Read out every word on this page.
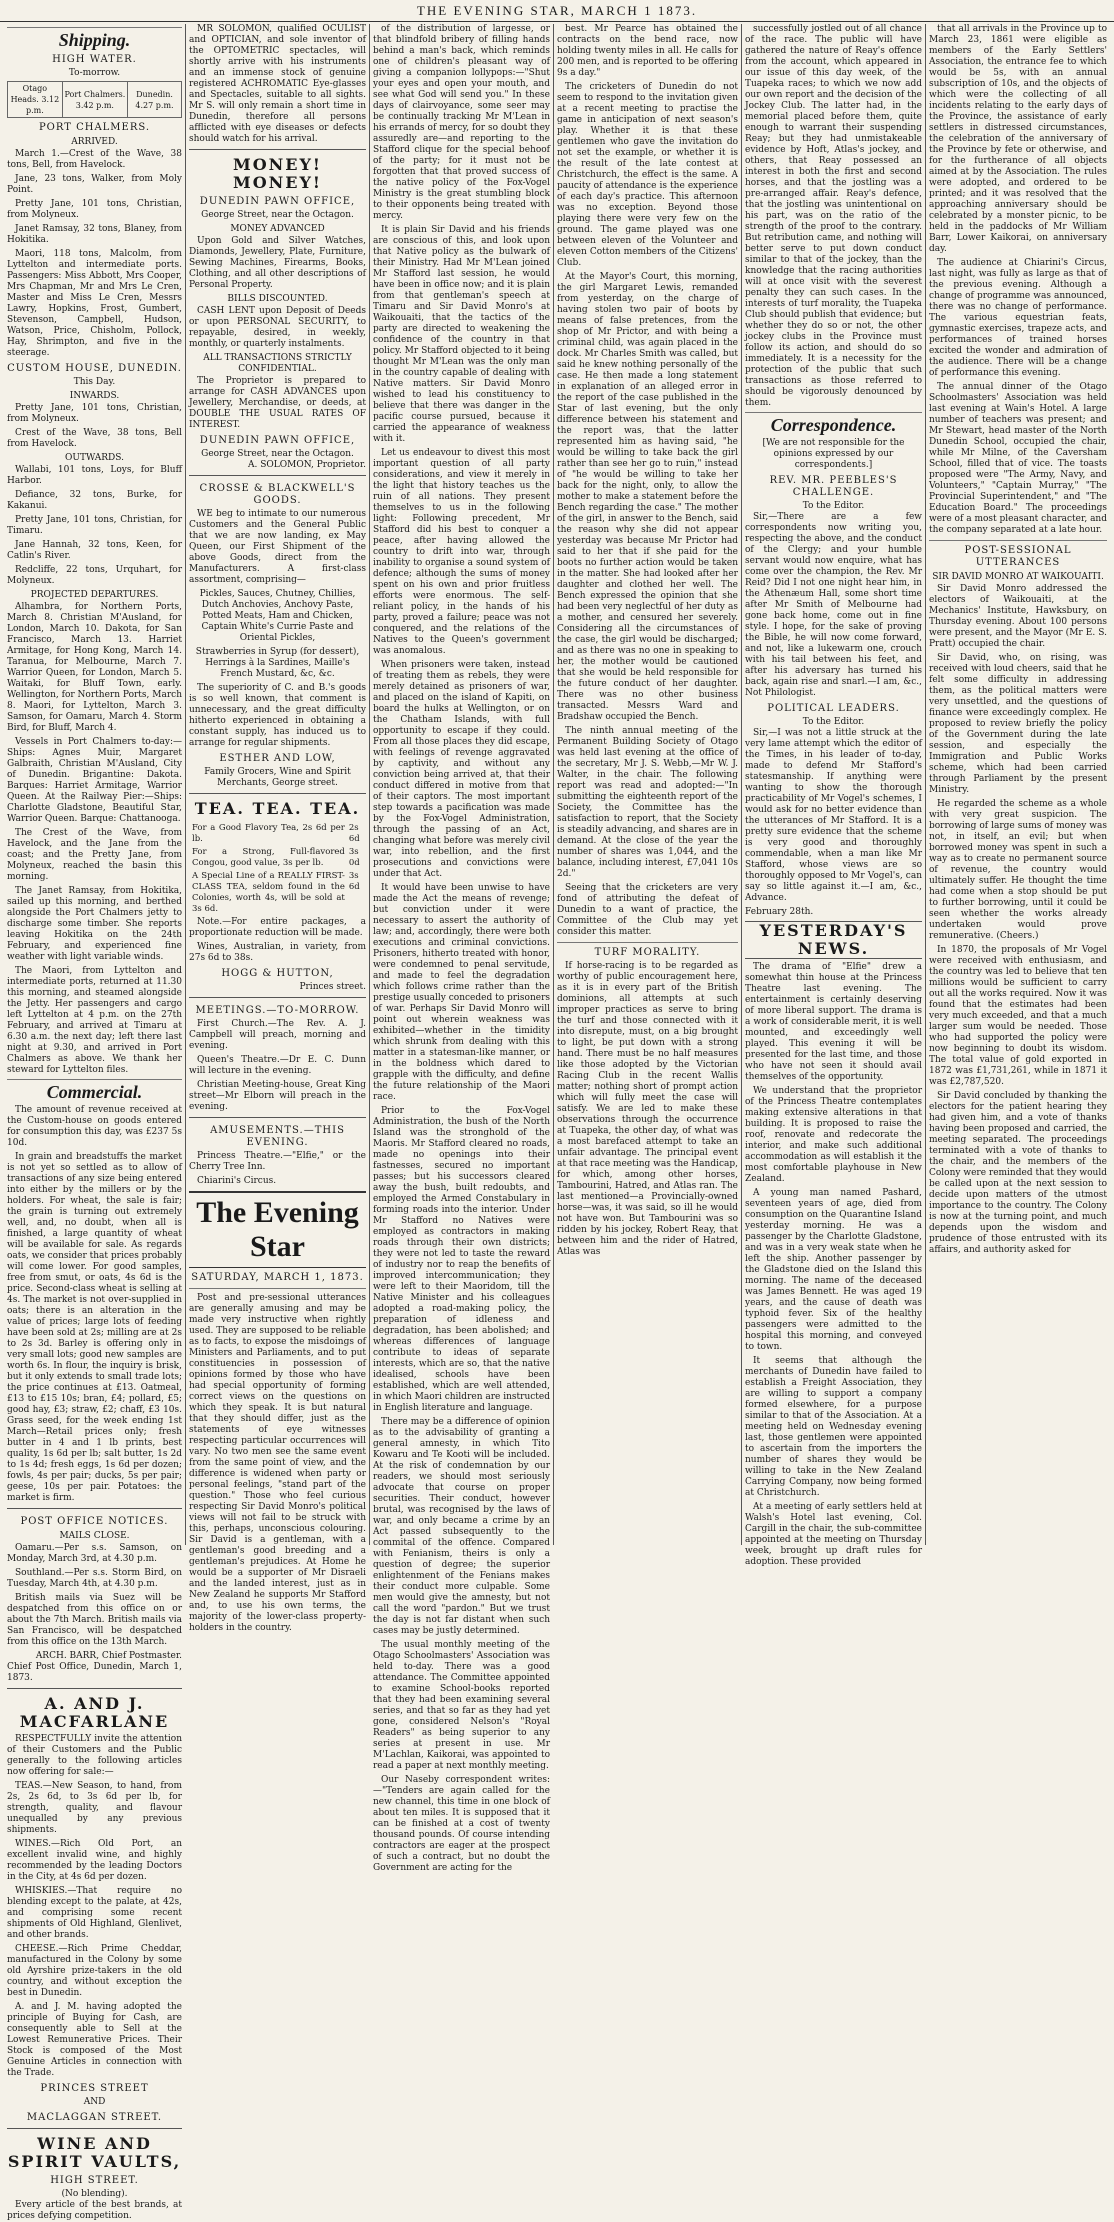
THE EVENING STAR, MARCH 1 1873.
Shipping.
HIGH WATER.
To-morrow.
Otago Heads. 3.12 p.m.	Port Chalmers. 3.42 p.m.	Dunedin. 4.27 p.m.
PORT CHALMERS.
ARRIVED.

March 1.—Crest of the Wave, 38 tons, Bell, from Havelock.

Jane, 23 tons, Walker, from Moly Point.

Pretty Jane, 101 tons, Christian, from Molyneux.

Janet Ramsay, 32 tons, Blaney, from Hokitika.

Maori, 118 tons, Malcolm, from Lyttelton and intermediate ports. Passengers: Miss Abbott, Mrs Cooper, Mrs Chapman, Mr and Mrs Le Cren, Master and Miss Le Cren, Messrs Lawry, Hopkins, Frost, Gumbert, Stevenson, Campbell, Hudson, Watson, Price, Chisholm, Pollock, Hay, Shrimpton, and five in the steerage.

CUSTOM HOUSE, DUNEDIN.
This Day.
INWARDS.

Pretty Jane, 101 tons, Christian, from Molyneux.

Crest of the Wave, 38 tons, Bell from Havelock.

OUTWARDS.

Wallabi, 101 tons, Loys, for Bluff Harbor.

Defiance, 32 tons, Burke, for Kakanui.

Pretty Jane, 101 tons, Christian, for Timaru.

Jane Hannah, 32 tons, Keen, for Catlin's River.

Redcliffe, 22 tons, Urquhart, for Molyneux.

PROJECTED DEPARTURES.

Alhambra, for Northern Ports, March 8. Christian M'Ausland, for London, March 10. Dakota, for San Francisco, March 13. Harriet Armitage, for Hong Kong, March 14. Taranua, for Melbourne, March 7. Warrior Queen, for London, March 5. Waitaki, for Bluff Town, early. Wellington, for Northern Ports, March 8. Maori, for Lyttelton, March 3. Samson, for Oamaru, March 4. Storm Bird, for Bluff, March 4.

Vessels in Port Chalmers to-day:—Ships: Agnes Muir, Margaret Galbraith, Christian M'Ausland, City of Dunedin. Brigantine: Dakota. Barques: Harriet Armitage, Warrior Queen. At the Railway Pier:—Ships: Charlotte Gladstone, Beautiful Star, Warrior Queen. Barque: Chattanooga.

The Crest of the Wave, from Havelock, and the Jane from the coast; and the Pretty Jane, from Molyneux, reached the basin this morning.

The Janet Ramsay, from Hokitika, sailed up this morning, and berthed alongside the Port Chalmers jetty to discharge some timber. She reports leaving Hokitika on the 24th February, and experienced fine weather with light variable winds.

The Maori, from Lyttelton and intermediate ports, returned at 11.30 this morning, and steamed alongside the Jetty. Her passengers and cargo left Lyttelton at 4 p.m. on the 27th February, and arrived at Timaru at 6.30 a.m. the next day; left there last night at 9.30, and arrived in Port Chalmers as above. We thank her steward for Lyttelton files.

Commercial.

The amount of revenue received at the Custom-house on goods entered for consumption this day, was £237 5s 10d.

In grain and breadstuffs the market is not yet so settled as to allow of transactions of any size being entered into either by the millers or by the holders. For wheat, the sale is fair; the grain is turning out extremely well, and, no doubt, when all is finished, a large quantity of wheat will be available for sale. As regards oats, we consider that prices probably will come lower. For good samples, free from smut, or oats, 4s 6d is the price. Second-class wheat is selling at 4s. The market is not over-supplied in oats; there is an alteration in the value of prices; large lots of feeding have been sold at 2s; milling are at 2s to 2s 3d. Barley is offering only in very small lots; good new samples are worth 6s. In flour, the inquiry is brisk, but it only extends to small trade lots; the price continues at £13. Oatmeal, £13 to £15 10s; bran, £4; pollard, £5; good hay, £3; straw, £2; chaff, £3 10s. Grass seed, for the week ending 1st March—Retail prices only; fresh butter in 4 and 1 lb prints, best quality, 1s 6d per lb; salt butter, 1s 2d to 1s 4d; fresh eggs, 1s 6d per dozen; fowls, 4s per pair; ducks, 5s per pair; geese, 10s per pair. Potatoes: the market is firm.

POST OFFICE NOTICES.
MAILS CLOSE.

Oamaru.—Per s.s. Samson, on Monday, March 3rd, at 4.30 p.m.

Southland.—Per s.s. Storm Bird, on Tuesday, March 4th, at 4.30 p.m.

British mails via Suez will be despatched from this office on or about the 7th March. British mails via San Francisco, will be despatched from this office on the 13th March.

ARCH. BARR, Chief Postmaster.
Chief Post Office, Dunedin, March 1, 1873.
A. AND J. MACFARLANE

RESPECTFULLY invite the attention of their Customers and the Public generally to the following articles now offering for sale:—

TEAS.—New Season, to hand, from 2s, 2s 6d, to 3s 6d per lb, for strength, quality, and flavour unequalled by any previous shipments.

WINES.—Rich Old Port, an excellent invalid wine, and highly recommended by the leading Doctors in the City, at 4s 6d per dozen.

WHISKIES.—That require no blending except to the palate, at 42s, and comprising some recent shipments of Old Highland, Glenlivet, and other brands.

CHEESE.—Rich Prime Cheddar, manufactured in the Colony by some old Ayrshire prize-takers in the old country, and without exception the best in Dunedin.

A. and J. M. having adopted the principle of Buying for Cash, are consequently able to Sell at the Lowest Remunerative Prices. Their Stock is composed of the Most Genuine Articles in connection with the Trade.

PRINCES STREET
AND
MACLAGGAN STREET.
WINE AND SPIRIT VAULTS,
HIGH STREET.
(No blending).

Every article of the best brands, at prices defying competition.

MR SOLOMON, qualified OCULIST and OPTICIAN, and sole inventor of the OPTOMETRIC spectacles, will shortly arrive with his instruments and an immense stock of genuine registered ACHROMATIC Eye-glasses and Spectacles, suitable to all sights. Mr S. will only remain a short time in Dunedin, therefore all persons afflicted with eye diseases or defects should watch for his arrival.

MONEY! MONEY!
DUNEDIN PAWN OFFICE,
George Street, near the Octagon.
MONEY ADVANCED

Upon Gold and Silver Watches, Diamonds, Jewellery, Plate, Furniture, Sewing Machines, Firearms, Books, Clothing, and all other descriptions of Personal Property.

BILLS DISCOUNTED.

CASH LENT upon Deposit of Deeds or upon PERSONAL SECURITY, to repayable, desired, in weekly, monthly, or quarterly instalments.

ALL TRANSACTIONS STRICTLY CONFIDENTIAL.

The Proprietor is prepared to arrange for CASH ADVANCES upon Jewellery, Merchandise, or deeds, at DOUBLE THE USUAL RATES OF INTEREST.

DUNEDIN PAWN OFFICE,
George Street, near the Octagon.
A. SOLOMON, Proprietor.
CROSSE & BLACKWELL'S GOODS.

WE beg to intimate to our numerous Customers and the General Public that we are now landing, ex May Queen, our First Shipment of the above Goods, direct from the Manufacturers. A first-class assortment, comprising—

Pickles, Sauces, Chutney, Chillies, Dutch Anchovies, Anchovy Paste, Potted Meats, Ham and Chicken, Captain White's Currie Paste and Oriental Pickles,

Strawberries in Syrup (for dessert), Herrings à la Sardines, Maille's French Mustard, &c, &c.

The superiority of C. and B.'s goods is so well known, that comment is unnecessary, and the great difficulty hitherto experienced in obtaining a constant supply, has induced us to arrange for regular shipments.

ESTHER AND LOW,
Family Grocers, Wine and Spirit Merchants, George street.
TEA. TEA. TEA.
For a Good Flavory Tea, 2s 6d per lb.	2s 6d
For a Strong, Full-flavored Congou, good value, 3s per lb.	3s 0d
A Special Line of a REALLY FIRST-CLASS TEA, seldom found in the Colonies, worth 4s, will be sold at 3s 6d.	3s 6d

Note.—For entire packages, a proportionate reduction will be made.

Wines, Australian, in variety, from 27s 6d to 38s.

HOGG & HUTTON,
Princes street.
MEETINGS.—TO-MORROW.

First Church.—The Rev. A. J. Campbell will preach, morning and evening.

Queen's Theatre.—Dr E. C. Dunn will lecture in the evening.

Christian Meeting-house, Great King street—Mr Elborn will preach in the evening.

AMUSEMENTS.—THIS EVENING.

Princess Theatre.—"Elfie," or the Cherry Tree Inn.

Chiarini's Circus.

The Evening Star
SATURDAY, MARCH 1, 1873.

Post and pre-sessional utterances are generally amusing and may be made very instructive when rightly used. They are supposed to be reliable as to facts, to expose the misdoings of Ministers and Parliaments, and to put constituencies in possession of opinions formed by those who have had special opportunity of forming correct views on the questions on which they speak. It is but natural that they should differ, just as the statements of eye witnesses respecting particular occurrences will vary. No two men see the same event from the same point of view, and the difference is widened when party or personal feelings, "stand part of the question." Those who feel curious respecting Sir David Monro's political views will not fail to be struck with this, perhaps, unconscious colouring. Sir David is a gentleman, with a gentleman's good breeding and a gentleman's prejudices. At Home he would be a supporter of Mr Disraeli and the landed interest, just as in New Zealand he supports Mr Stafford and, to use his own terms, the majority of the lower-class property-holders in the country.

of the distribution of largesse, or that blindfold bribery of filling hands behind a man's back, which reminds one of children's pleasant way of giving a companion lollypops:—"Shut your eyes and open your mouth, and see what God will send you." In these days of clairvoyance, some seer may be continually tracking Mr M'Lean in his errands of mercy, for so doubt they assuredly are—and reporting to the Stafford clique for the special behoof of the party; for it must not be forgotten that that proved success of the native policy of the Fox-Vogel Ministry is the great stumbling block to their opponents being treated with mercy.

It is plain Sir David and his friends are conscious of this, and look upon that Native policy as the bulwark of their Ministry. Had Mr M'Lean joined Mr Stafford last session, he would have been in office now; and it is plain from that gentleman's speech at Timaru and Sir David Monro's at Waikouaiti, that the tactics of the party are directed to weakening the confidence of the country in that policy. Mr Stafford objected to it being thought Mr M'Lean was the only man in the country capable of dealing with Native matters. Sir David Monro wished to lead his constituency to believe that there was danger in the pacific course pursued, because it carried the appearance of weakness with it.

Let us endeavour to divest this most important question of all party considerations, and view it merely in the light that history teaches us the ruin of all nations. They present themselves to us in the following light: Following precedent, Mr Stafford did his best to conquer a peace, after having allowed the country to drift into war, through inability to organise a sound system of defence; although the sums of money spent on his own and prior fruitless efforts were enormous. The self-reliant policy, in the hands of his party, proved a failure; peace was not conquered, and the relations of the Natives to the Queen's government was anomalous.

When prisoners were taken, instead of treating them as rebels, they were merely detained as prisoners of war, and placed on the island of Kapiti, on board the hulks at Wellington, or on the Chatham Islands, with full opportunity to escape if they could. From all those places they did escape, with feelings of revenge aggravated by captivity, and without any conviction being arrived at, that their conduct differed in motive from that of their captors. The most important step towards a pacification was made by the Fox-Vogel Administration, through the passing of an Act, changing what before was merely civil war, into rebellion, and the first prosecutions and convictions were under that Act.

It would have been unwise to have made the Act the means of revenge; but conviction under it were necessary to assert the authority of law; and, accordingly, there were both executions and criminal convictions. Prisoners, hitherto treated with honor, were condemned to penal servitude, and made to feel the degradation which follows crime rather than the prestige usually conceded to prisoners of war. Perhaps Sir David Monro will point out wherein weakness was exhibited—whether in the timidity which shrunk from dealing with this matter in a statesman-like manner, or in the boldness which dared to grapple with the difficulty, and define the future relationship of the Maori race.

Prior to the Fox-Vogel Administration, the bush of the North Island was the stronghold of the Maoris. Mr Stafford cleared no roads, made no openings into their fastnesses, secured no important passes; but his successors cleared away the bush, built redoubts, and employed the Armed Constabulary in forming roads into the interior. Under Mr Stafford no Natives were employed as contractors in making roads through their own districts; they were not led to taste the reward of industry nor to reap the benefits of improved intercommunication; they were left to their Maoridom, till the Native Minister and his colleagues adopted a road-making policy, the preparation of idleness and degradation, has been abolished; and whereas differences of language contribute to ideas of separate interests, which are so, that the native idealised, schools have been established, which are well attended, in which Maori children are instructed in English literature and language.

There may be a difference of opinion as to the advisability of granting a general amnesty, in which Tito Kowaru and Te Kooti will be included. At the risk of condemnation by our readers, we should most seriously advocate that course on proper securities. Their conduct, however brutal, was recognised by the laws of war, and only became a crime by an Act passed subsequently to the commital of the offence. Compared with Fenianism, theirs is only a question of degree; the superior enlightenment of the Fenians makes their conduct more culpable. Some men would give the amnesty, but not call the word "pardon." But we trust the day is not far distant when such cases may be justly determined.

The usual monthly meeting of the Otago Schoolmasters' Association was held to-day. There was a good attendance. The Committee appointed to examine School-books reported that they had been examining several series, and that so far as they had yet gone, considered Nelson's "Royal Readers" as being superior to any series at present in use. Mr M'Lachlan, Kaikorai, was appointed to read a paper at next monthly meeting.

Our Naseby correspondent writes:—"Tenders are again called for the new channel, this time in one block of about ten miles. It is supposed that it can be finished at a cost of twenty thousand pounds. Of course intending contractors are eager at the prospect of such a contract, but no doubt the Government are acting for the

best. Mr Pearce has obtained the contracts on the bend race, now holding twenty miles in all. He calls for 200 men, and is reported to be offering 9s a day."

The cricketers of Dunedin do not seem to respond to the invitation given at a recent meeting to practise the game in anticipation of next season's play. Whether it is that these gentlemen who gave the invitation do not set the example, or whether it is the result of the late contest at Christchurch, the effect is the same. A paucity of attendance is the experience of each day's practice. This afternoon was no exception. Beyond those playing there were very few on the ground. The game played was one between eleven of the Volunteer and eleven Cotton members of the Citizens' Club.

At the Mayor's Court, this morning, the girl Margaret Lewis, remanded from yesterday, on the charge of having stolen two pair of boots by means of false pretences, from the shop of Mr Prictor, and with being a criminal child, was again placed in the dock. Mr Charles Smith was called, but said he knew nothing personally of the case. He then made a long statement in explanation of an alleged error in the report of the case published in the Star of last evening, but the only difference between his statement and the report was, that the latter represented him as having said, "he would be willing to take back the girl rather than see her go to ruin," instead of "he would be willing to take her back for the night, only, to allow the mother to make a statement before the Bench regarding the case." The mother of the girl, in answer to the Bench, said the reason why she did not appear yesterday was because Mr Prictor had said to her that if she paid for the boots no further action would be taken in the matter. She had looked after her daughter and clothed her well. The Bench expressed the opinion that she had been very neglectful of her duty as a mother, and censured her severely. Considering all the circumstances of the case, the girl would be discharged; and as there was no one in speaking to her, the mother would be cautioned that she would be held responsible for the future conduct of her daughter. There was no other business transacted. Messrs Ward and Bradshaw occupied the Bench.

The ninth annual meeting of the Permanent Building Society of Otago was held last evening at the office of the secretary, Mr J. S. Webb,—Mr W. J. Walter, in the chair. The following report was read and adopted:—"In submitting the eighteenth report of the Society, the Committee has the satisfaction to report, that the Society is steadily advancing, and shares are in demand. At the close of the year the number of shares was 1,044, and the balance, including interest, £7,041 10s 2d."

Seeing that the cricketers are very fond of attributing the defeat of Dunedin to a want of practice, the Committee of the Club may yet consider this matter.

TURF MORALITY.

If horse-racing is to be regarded as worthy of public encouragement here, as it is in every part of the British dominions, all attempts at such improper practices as serve to bring the turf and those connected with it into disrepute, must, on a big brought to light, be put down with a strong hand. There must be no half measures like those adopted by the Victorian Racing Club in the recent Wallis matter; nothing short of prompt action which will fully meet the case will satisfy. We are led to make these observations through the occurrence at Tuapeka, the other day, of what was a most barefaced attempt to take an unfair advantage. The principal event at that race meeting was the Handicap, for which, among other horses, Tambourini, Hatred, and Atlas ran. The last mentioned—a Provincially-owned horse—was, it was said, so ill he would not have won. But Tambourini was so ridden by his jockey, Robert Reay, that between him and the rider of Hatred, Atlas was

successfully jostled out of all chance of the race. The public will have gathered the nature of Reay's offence from the account, which appeared in our issue of this day week, of the Tuapeka races; to which we now add our own report and the decision of the Jockey Club. The latter had, in the memorial placed before them, quite enough to warrant their suspending Reay; but they had unmistakeable evidence by Hoft, Atlas's jockey, and others, that Reay possessed an interest in both the first and second horses, and that the jostling was a pre-arranged affair. Reay's defence, that the jostling was unintentional on his part, was on the ratio of the strength of the proof to the contrary. But retribution came, and nothing will better serve to put down conduct similar to that of the jockey, than the knowledge that the racing authorities will at once visit with the severest penalty they can such cases. In the interests of turf morality, the Tuapeka Club should publish that evidence; but whether they do so or not, the other jockey clubs in the Province must follow its action, and should do so immediately. It is a necessity for the protection of the public that such transactions as those referred to should be vigorously denounced by them.

Correspondence.

[We are not responsible for the opinions expressed by our correspondents.]

REV. MR. PEEBLES'S CHALLENGE.
To the Editor.

Sir,—There are a few correspondents now writing you, respecting the above, and the conduct of the Clergy; and your humble servant would now enquire, what has come over the champion, the Rev. Mr Reid? Did I not one night hear him, in the Athenæum Hall, some short time after Mr Smith of Melbourne had gone back home, come out in fine style. I hope, for the sake of proving the Bible, he will now come forward, and not, like a lukewarm one, crouch with his tail between his feet, and after his adversary has turned his back, again rise and snarl.—I am, &c., Not Philologist.

POLITICAL LEADERS.
To the Editor.

Sir,—I was not a little struck at the very lame attempt which the editor of the Times, in his leader of to-day, made to defend Mr Stafford's statesmanship. If anything were wanting to show the thorough practicability of Mr Vogel's schemes, I would ask for no better evidence than the utterances of Mr Stafford. It is a pretty sure evidence that the scheme is very good and thoroughly commendable, when a man like Mr Stafford, whose views are so thoroughly opposed to Mr Vogel's, can say so little against it.—I am, &c., Advance.

February 28th.
YESTERDAY'S NEWS.

The drama of "Elfie" drew a somewhat thin house at the Princess Theatre last evening. The entertainment is certainly deserving of more liberal support. The drama is a work of considerable merit, it is well mounted, and exceedingly well played. This evening it will be presented for the last time, and those who have not seen it should avail themselves of the opportunity.

We understand that the proprietor of the Princess Theatre contemplates making extensive alterations in that building. It is proposed to raise the roof, renovate and redecorate the interior, and make such additional accommodation as will establish it the most comfortable playhouse in New Zealand.

A young man named Pashard, seventeen years of age, died from consumption on the Quarantine Island yesterday morning. He was a passenger by the Charlotte Gladstone, and was in a very weak state when he left the ship. Another passenger by the Gladstone died on the Island this morning. The name of the deceased was James Bennett. He was aged 19 years, and the cause of death was typhoid fever. Six of the healthy passengers were admitted to the hospital this morning, and conveyed to town.

It seems that although the merchants of Dunedin have failed to establish a Freight Association, they are willing to support a company formed elsewhere, for a purpose similar to that of the Association. At a meeting held on Wednesday evening last, those gentlemen were appointed to ascertain from the importers the number of shares they would be willing to take in the New Zealand Carrying Company, now being formed at Christchurch.

At a meeting of early settlers held at Walsh's Hotel last evening, Col. Cargill in the chair, the sub-committee appointed at the meeting on Thursday week, brought up draft rules for adoption. These provided

that all arrivals in the Province up to March 23, 1861 were eligible as members of the Early Settlers' Association, the entrance fee to which would be 5s, with an annual subscription of 10s, and the objects of which were the collecting of all incidents relating to the early days of the Province, the assistance of early settlers in distressed circumstances, the celebration of the anniversary of the Province by fete or otherwise, and for the furtherance of all objects aimed at by the Association. The rules were adopted, and ordered to be printed; and it was resolved that the approaching anniversary should be celebrated by a monster picnic, to be held in the paddocks of Mr William Barr, Lower Kaikorai, on anniversary day.

The audience at Chiarini's Circus, last night, was fully as large as that of the previous evening. Although a change of programme was announced, there was no change of performance. The various equestrian feats, gymnastic exercises, trapeze acts, and performances of trained horses excited the wonder and admiration of the audience. There will be a change of performance this evening.

The annual dinner of the Otago Schoolmasters' Association was held last evening at Wain's Hotel. A large number of teachers was present; and Mr Stewart, head master of the North Dunedin School, occupied the chair, while Mr Milne, of the Caversham School, filled that of vice. The toasts proposed were "The Army, Navy, and Volunteers," "Captain Murray," "The Provincial Superintendent," and "The Education Board." The proceedings were of a most pleasant character, and the company separated at a late hour.

POST-SESSIONAL UTTERANCES
SIR DAVID MONRO AT WAIKOUAITI.

Sir David Monro addressed the electors of Waikouaiti, at the Mechanics' Institute, Hawksbury, on Thursday evening. About 100 persons were present, and the Mayor (Mr E. S. Pratt) occupied the chair.

Sir David, who, on rising, was received with loud cheers, said that he felt some difficulty in addressing them, as the political matters were very unsettled, and the questions of finance were exceedingly complex. He proposed to review briefly the policy of the Government during the late session, and especially the Immigration and Public Works scheme, which had been carried through Parliament by the present Ministry.

He regarded the scheme as a whole with very great suspicion. The borrowing of large sums of money was not, in itself, an evil; but when borrowed money was spent in such a way as to create no permanent source of revenue, the country would ultimately suffer. He thought the time had come when a stop should be put to further borrowing, until it could be seen whether the works already undertaken would prove remunerative. (Cheers.)

In 1870, the proposals of Mr Vogel were received with enthusiasm, and the country was led to believe that ten millions would be sufficient to carry out all the works required. Now it was found that the estimates had been very much exceeded, and that a much larger sum would be needed. Those who had supported the policy were now beginning to doubt its wisdom. The total value of gold exported in 1872 was £1,731,261, while in 1871 it was £2,787,520.

Sir David concluded by thanking the electors for the patient hearing they had given him, and a vote of thanks having been proposed and carried, the meeting separated. The proceedings terminated with a vote of thanks to the chair, and the members of the Colony were reminded that they would be called upon at the next session to decide upon matters of the utmost importance to the country. The Colony is now at the turning point, and much depends upon the wisdom and prudence of those entrusted with its affairs, and authority asked for
